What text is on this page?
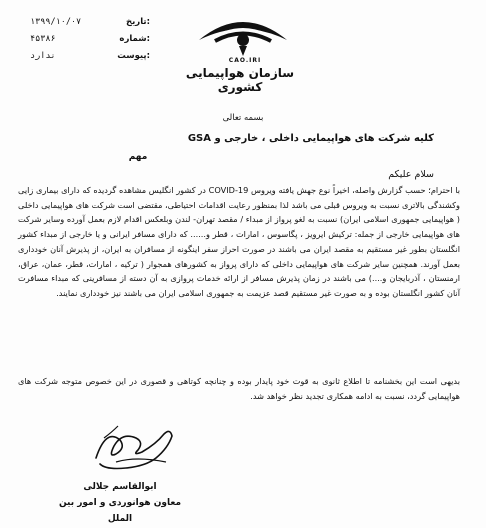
تاریخ:
۱۳۹۹/۱۰/۰۷
شماره:
۴۵۳۸۶
پیوست:
ندارد	CAO.IRI
سازمان هواپیمایی کشوری
بسمه تعالی
کلیه شرکت های هواپیمایی داخلی ، خارجی و GSA
مهم
سلام علیکم

با احترام؛ حسب گزارش واصله، اخیراً نوع جهش یافته ویروس COVID-19 در کشور انگلیس مشاهده گردیده که دارای بیماری زایی وکشندگی بالاتری نسبت به ویروس قبلی می باشد لذا بمنظور رعایت اقدامات احتیاطی، مقتضی است شرکت های هواپیمایی داخلی ( هواپیمایی جمهوری اسلامی ایران) نسبت به لغو پرواز از مبداء / مقصد تهران- لندن وبلعکس اقدام لازم بعمل آورده وسایر شرکت های هواپیمایی خارجی از جمله: ترکیش ایرویز ، پگاسوس ، امارات ، قطر و...... که دارای مسافر ایرانی و یا خارجی از مبداء کشور انگلستان بطور غیر مستقیم به مقصد ایران می باشند در صورت احراز سفر اینگونه از مسافران به ایران، از پذیرش آنان خودداری بعمل آورند. همچنین سایر شرکت های هواپیمایی داخلی که دارای پرواز به کشورهای همجوار ( ترکیه ، امارات، قطر، عمان، عراق، ارمنستان ، آذربایجان و....) می باشند در زمان پذیرش مسافر از ارائه خدمات پروازی به آن دسته از مسافرینی که مبداء مسافرت آنان کشور انگلستان بوده و به صورت غیر مستقیم قصد عزیمت به جمهوری اسلامی ایران می باشند نیز خودداری نمایند.

بدیهی است این بخشنامه تا اطلاع ثانوی به قوت خود پایدار بوده و چنانچه کوتاهی و قصوری در این خصوص متوجه شرکت های هواپیمایی گردد، نسبت به ادامه همکاری تجدید نظر خواهد شد.
ابوالقاسم جلالی
معاون هوانوردی و امور بین الملل
